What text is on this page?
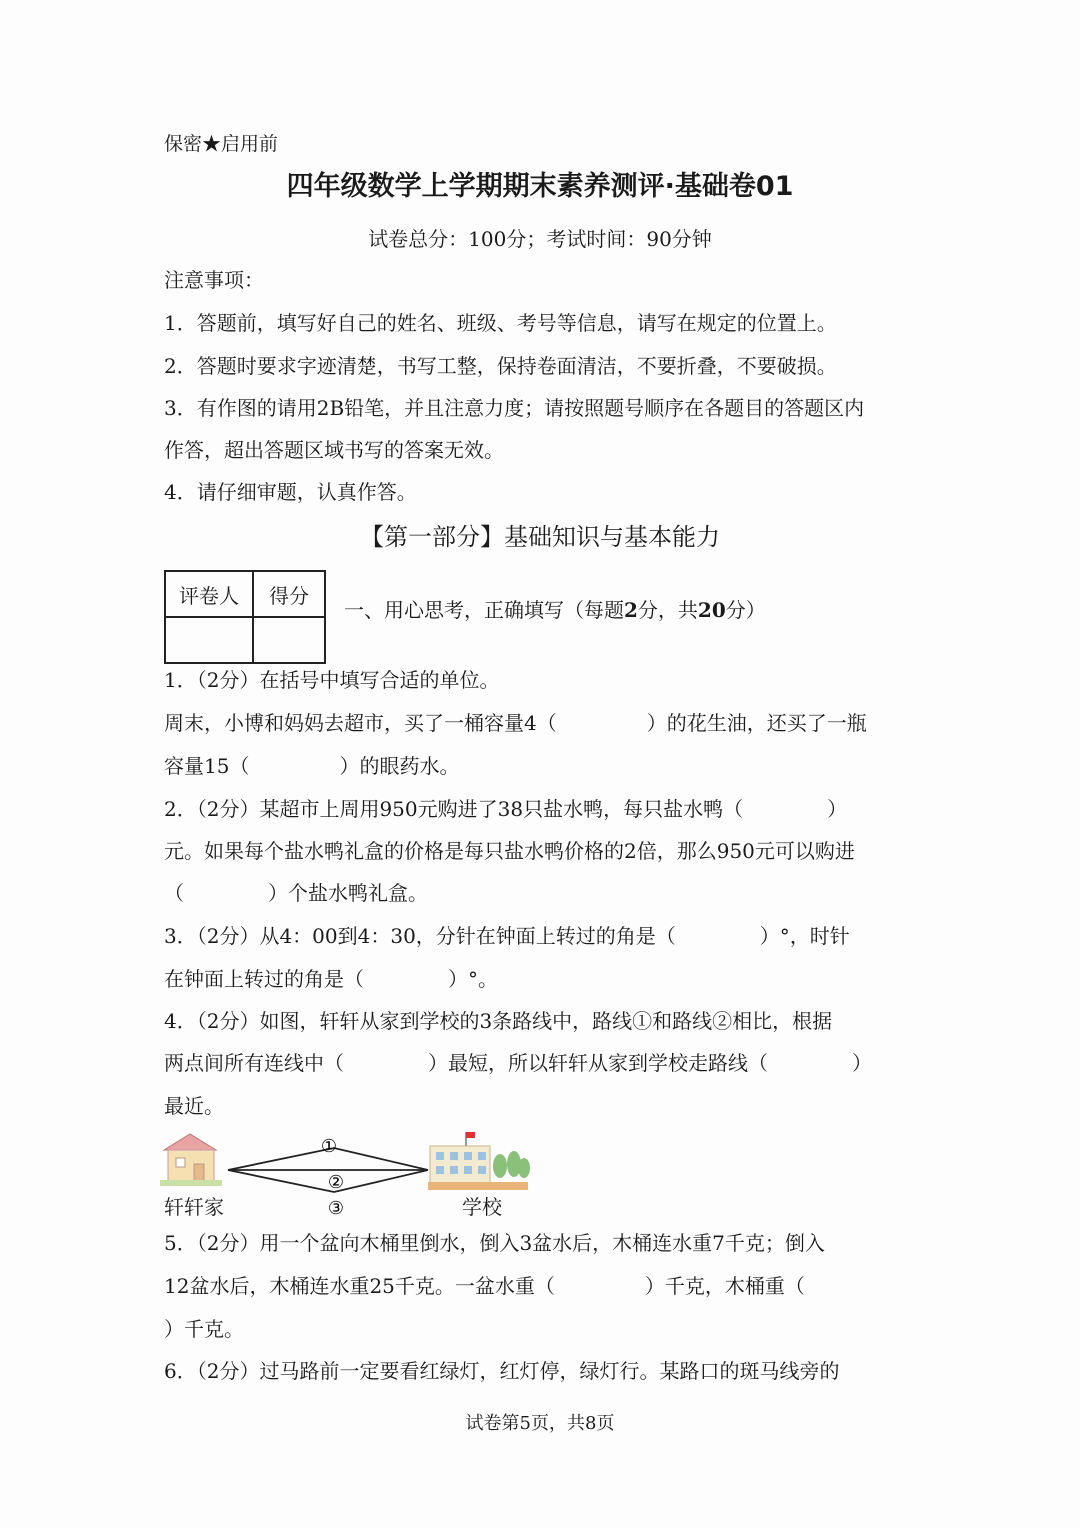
保密★启用前
四年级数学上学期期末素养测评·基础卷01
试卷总分：100分；考试时间：90分钟
注意事项：
1．答题前，填写好自己的姓名、班级、考号等信息，请写在规定的位置上。
2．答题时要求字迹清楚，书写工整，保持卷面清洁，不要折叠，不要破损。
3．有作图的请用2B铅笔，并且注意力度；请按照题号顺序在各题目的答题区内
作答，超出答题区域书写的答案无效。
4．请仔细审题，认真作答。
【第一部分】基础知识与基本能力
评卷人	得分

一、用心思考，正确填写（每题2分，共20分）
1．（2分）在括号中填写合适的单位。
周末，小博和妈妈去超市，买了一桶容量4（	）的花生油，还买了一瓶
容量15（	）的眼药水。
2．（2分）某超市上周用950元购进了38只盐水鸭，每只盐水鸭（	）
元。如果每个盐水鸭礼盒的价格是每只盐水鸭价格的2倍，那么950元可以购进
（	）个盐水鸭礼盒。
3．（2分）从4：00到4：30，分针在钟面上转过的角是（	）°，时针
在钟面上转过的角是（	）°。
4．（2分）如图，轩轩从家到学校的3条路线中，路线①和路线②相比，根据
两点间所有连线中（	）最短，所以轩轩从家到学校走路线（	）
最近。
①
②
③
轩轩家	学校
5．（2分）用一个盆向木桶里倒水，倒入3盆水后，木桶连水重7千克；倒入
12盆水后，木桶连水重25千克。一盆水重（	）千克，木桶重（
）千克。
6．（2分）过马路前一定要看红绿灯，红灯停，绿灯行。某路口的斑马线旁的
试卷第5页，共8页
